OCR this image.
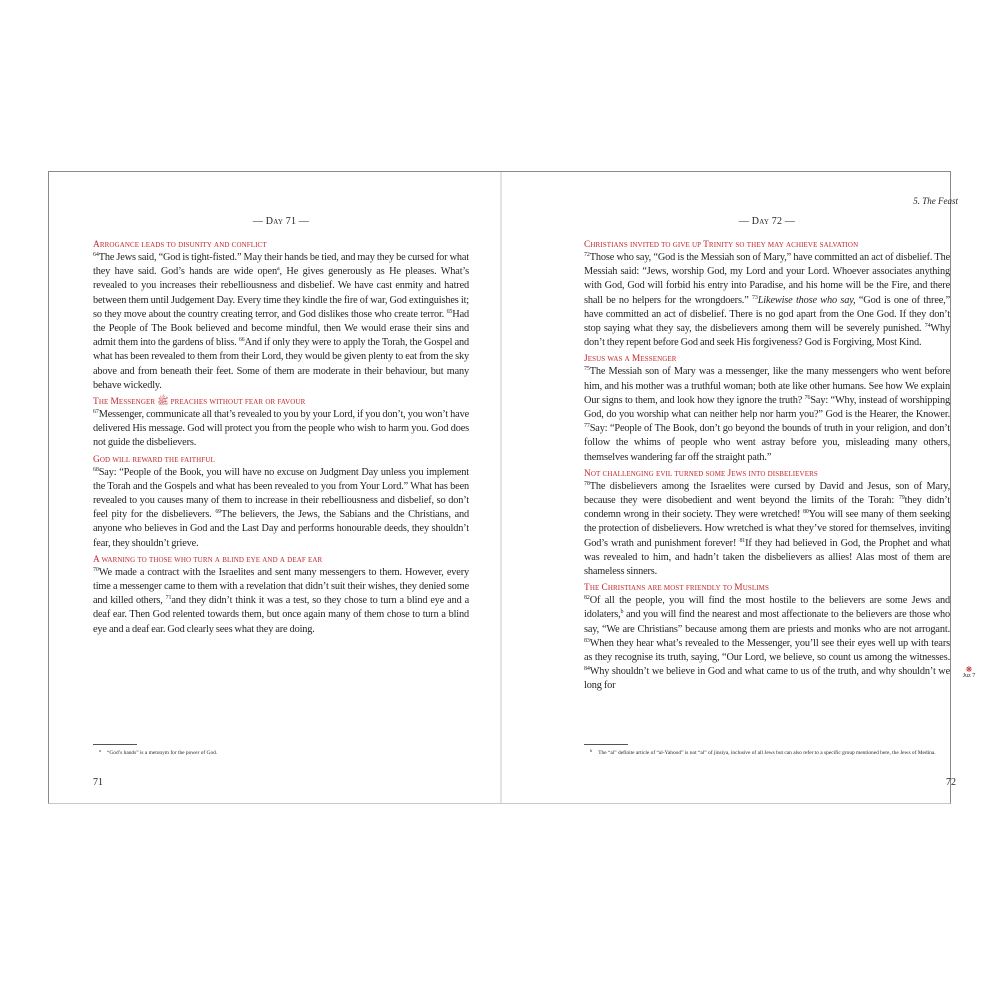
— Day 71 —
Arrogance leads to disunity and conflict

$^{64}$The Jews said, “God is tight-fisted.” May their hands be tied, and may they be cursed for what they have said. God’s hands are wide open$^a$, He gives generously as He pleases. What’s revealed to you increases their rebelliousness and disbelief. We have cast enmity and hatred between them until Judgement Day. Every time they kindle the fire of war, God extinguishes it; so they move about the country creating terror, and God dislikes those who create terror. $^{65}$Had the People of The Book believed and become mindful, then We would erase their sins and admit them into the gardens of bliss. $^{66}$And if only they were to apply the Torah, the Gospel and what has been revealed to them from their Lord, they would be given plenty to eat from the sky above and from beneath their feet. Some of them are moderate in their behaviour, but many behave wickedly.

The Messenger ﷺ preaches without fear or favour

$^{67}$Messenger, communicate all that’s revealed to you by your Lord, if you don’t, you won’t have delivered His message. God will protect you from the people who wish to harm you. God does not guide the disbelievers.

God will reward the faithful

$^{68}$Say: “People of the Book, you will have no excuse on Judgment Day unless you implement the Torah and the Gospels and what has been revealed to you from Your Lord.” What has been revealed to you causes many of them to increase in their rebelliousness and disbelief, so don’t feel pity for the disbelievers. $^{69}$The believers, the Jews, the Sabians and the Christians, and anyone who believes in God and the Last Day and performs honourable deeds, they shouldn’t fear, they shouldn’t grieve.

A warning to those who turn a blind eye and a deaf ear

$^{70}$We made a contract with the Israelites and sent many messengers to them. However, every time a messenger came to them with a revelation that didn’t suit their wishes, they denied some and killed others, $^{71}$and they didn’t think it was a test, so they chose to turn a blind eye and a deaf ear. Then God relented towards them, but once again many of them chose to turn a blind eye and a deaf ear. God clearly sees what they are doing.

$^a$ “God’s hands” is a metonym for the power of God.
71
5. The Feast
— Day 72 —
Christians invited to give up Trinity so they may achieve salvation

$^{72}$Those who say, “God is the Messiah son of Mary,” have committed an act of disbelief. The Messiah said: “Jews, worship God, my Lord and your Lord. Whoever associates anything with God, God will forbid his entry into Paradise, and his home will be the Fire, and there shall be no helpers for the wrongdoers.” $^{73}$Likewise those who say, “God is one of three,” have committed an act of disbelief. There is no god apart from the One God. If they don’t stop saying what they say, the disbelievers among them will be severely punished. $^{74}$Why don’t they repent before God and seek His forgiveness? God is Forgiving, Most Kind.

Jesus was a Messenger

$^{75}$The Messiah son of Mary was a messenger, like the many messengers who went before him, and his mother was a truthful woman; both ate like other humans. See how We explain Our signs to them, and look how they ignore the truth? $^{76}$Say: “Why, instead of worshipping God, do you worship what can neither help nor harm you?” God is the Hearer, the Knower. $^{77}$Say: “People of The Book, don’t go beyond the bounds of truth in your religion, and don’t follow the whims of people who went astray before you, misleading many others, themselves wandering far off the straight path.”

Not challenging evil turned some Jews into disbelievers

$^{78}$The disbelievers among the Israelites were cursed by David and Jesus, son of Mary, because they were disobedient and went beyond the limits of the Torah: $^{79}$they didn’t condemn wrong in their society. They were wretched! $^{80}$You will see many of them seeking the protection of disbelievers. How wretched is what they’ve stored for themselves, inviting God’s wrath and punishment forever! $^{81}$If they had believed in God, the Prophet and what was revealed to him, and hadn’t taken the disbelievers as allies! Alas most of them are shameless sinners.

The Christians are most friendly to Muslims

$^{82}$Of all the people, you will find the most hostile to the believers are some Jews and idolaters,$^b$ and you will find the nearest and most affectionate to the believers are those who say, “We are Christians” because among them are priests and monks who are not arrogant. $^{83}$When they hear what’s revealed to the Messenger, you’ll see their eyes well up with tears as they recognise its truth, saying, “Our Lord, we believe, so count us among the witnesses. $^{84}$Why shouldn’t we believe in God and what came to us of the truth, and why shouldn’t we long for

$^b$ The “al” definite article of “al-Yahood” is not “al” of jinsiya, inclusive of all Jews but can also refer to a specific group mentioned here, the Jews of Medina.
72
❋
Juz 7
